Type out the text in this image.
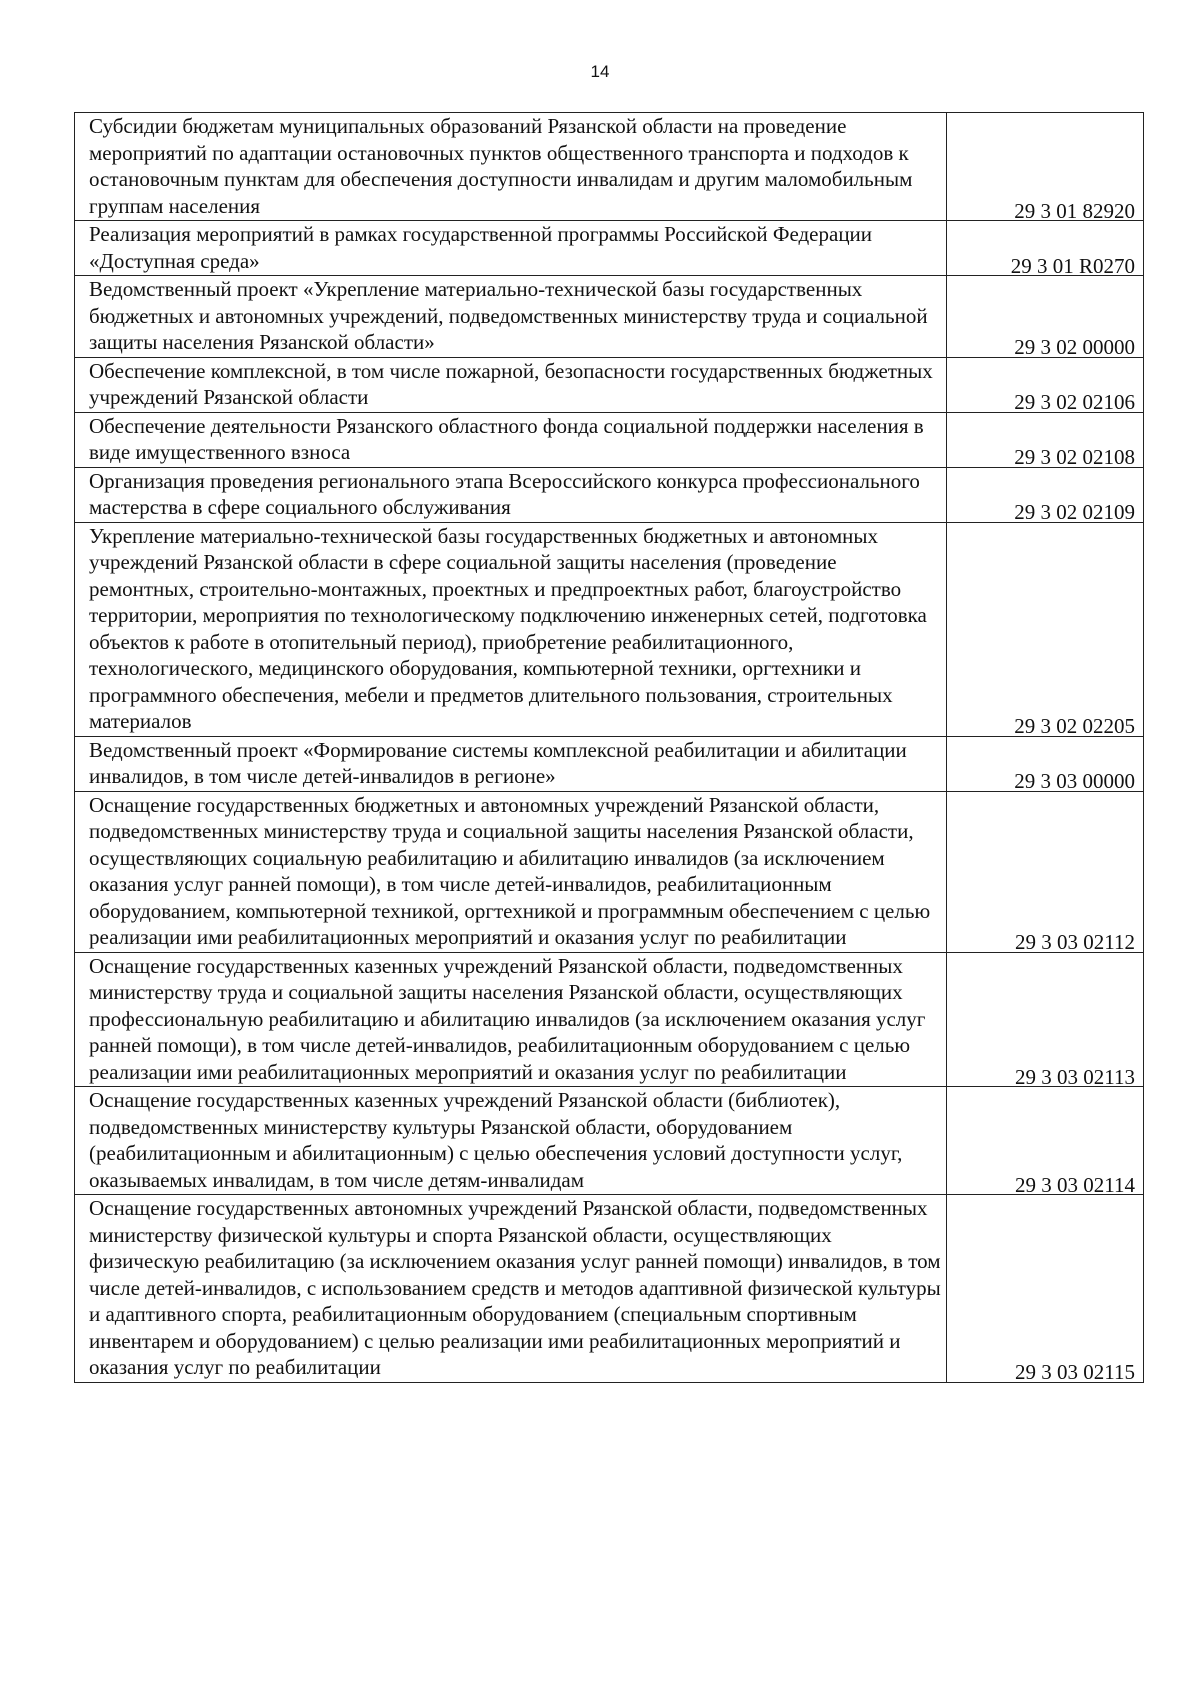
14
Субсидии бюджетам муниципальных образований Рязанской области на проведение мероприятий по адаптации остановочных пунктов общественного транспорта и подходов к остановочным пунктам для обеспечения доступности инвалидам и другим маломобильным группам населения	29 3 01 82920
Реализация мероприятий в рамках государственной программы Российской Федерации «Доступная среда»	29 3 01 R0270
Ведомственный проект «Укрепление материально-технической базы государственных бюджетных и автономных учреждений, подведомственных министерству труда и социальной защиты населения Рязанской области»	29 3 02 00000
Обеспечение комплексной, в том числе пожарной, безопасности государственных бюджетных учреждений Рязанской области	29 3 02 02106
Обеспечение деятельности Рязанского областного фонда социальной поддержки населения в виде имущественного взноса	29 3 02 02108
Организация проведения регионального этапа Всероссийского конкурса профессионального мастерства в сфере социального обслуживания	29 3 02 02109
Укрепление материально-технической базы государственных бюджетных и автономных учреждений Рязанской области в сфере социальной защиты населения (проведение ремонтных, строительно-монтажных, проектных и предпроектных работ, благоустройство территории, мероприятия по технологическому подключению инженерных сетей, подготовка объектов к работе в отопительный период), приобретение реабилитационного, технологического, медицинского оборудования, компьютерной техники, оргтехники и программного обеспечения, мебели и предметов длительного пользования, строительных материалов	29 3 02 02205
Ведомственный проект «Формирование системы комплексной реабилитации и абилитации инвалидов, в том числе детей-инвалидов в регионе»	29 3 03 00000
Оснащение государственных бюджетных и автономных учреждений Рязанской области, подведомственных министерству труда и социальной защиты населения Рязанской области, осуществляющих социальную реабилитацию и абилитацию инвалидов (за исключением оказания услуг ранней помощи), в том числе детей-инвалидов, реабилитационным оборудованием, компьютерной техникой, оргтехникой и программным обеспечением с целью реализации ими реабилитационных мероприятий и оказания услуг по реабилитации	29 3 03 02112
Оснащение государственных казенных учреждений Рязанской области, подведомственных министерству труда и социальной защиты населения Рязанской области, осуществляющих профессиональную реабилитацию и абилитацию инвалидов (за исключением оказания услуг ранней помощи), в том числе детей-инвалидов, реабилитационным оборудованием с целью реализации ими реабилитационных мероприятий и оказания услуг по реабилитации	29 3 03 02113
Оснащение государственных казенных учреждений Рязанской области (библиотек), подведомственных министерству культуры Рязанской области, оборудованием (реабилитационным и абилитационным) с целью обеспечения условий доступности услуг, оказываемых инвалидам, в том числе детям-инвалидам	29 3 03 02114
Оснащение государственных автономных учреждений Рязанской области, подведомственных министерству физической культуры и спорта Рязанской области, осуществляющих физическую реабилитацию (за исключением оказания услуг ранней помощи) инвалидов, в том числе детей-инвалидов, с использованием средств и методов адаптивной физической культуры и адаптивного спорта, реабилитационным оборудованием (специальным спортивным инвентарем и оборудованием) с целью реализации ими реабилитационных мероприятий и оказания услуг по реабилитации	29 3 03 02115
